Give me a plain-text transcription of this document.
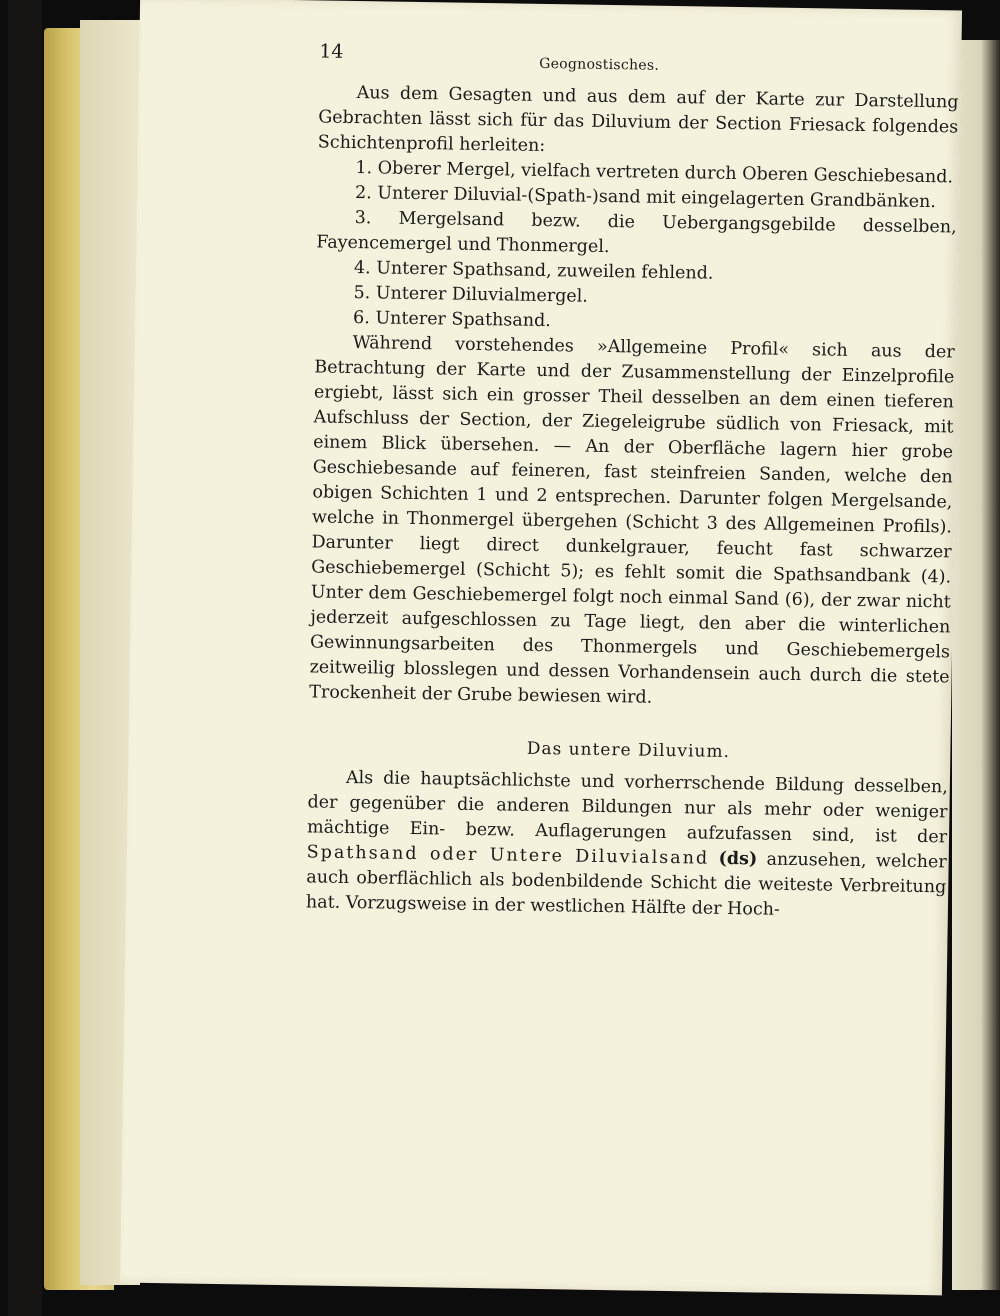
14
Geognostisches.

Aus dem Gesagten und aus dem auf der Karte zur Darstellung Gebrachten lässt sich für das Diluvium der Section Friesack folgendes Schichtenprofil herleiten:

1. Oberer Mergel, vielfach vertreten durch Oberen Geschiebesand.

2. Unterer Diluvial-(Spath-)sand mit eingelagerten Grandbänken.

3. Mergelsand bezw. die Uebergangsgebilde desselben, Fayencemergel und Thonmergel.

4. Unterer Spathsand, zuweilen fehlend.

5. Unterer Diluvialmergel.

6. Unterer Spathsand.

Während vorstehendes »Allgemeine Profil« sich aus der Betrachtung der Karte und der Zusammenstellung der Einzelprofile ergiebt, lässt sich ein grosser Theil desselben an dem einen tieferen Aufschluss der Section, der Ziegeleigrube südlich von Friesack, mit einem Blick übersehen. — An der Oberfläche lagern hier grobe Geschiebesande auf feineren, fast steinfreien Sanden, welche den obigen Schichten 1 und 2 entsprechen. Darunter folgen Mergelsande, welche in Thonmergel übergehen (Schicht 3 des Allgemeinen Profils). Darunter liegt direct dunkelgrauer, feucht fast schwarzer Geschiebemergel (Schicht 5); es fehlt somit die Spathsandbank (4). Unter dem Geschiebemergel folgt noch einmal Sand (6), der zwar nicht jederzeit aufgeschlossen zu Tage liegt, den aber die winterlichen Gewinnungsarbeiten des Thonmergels und Geschiebemergels zeitweilig blosslegen und dessen Vorhandensein auch durch die stete Trockenheit der Grube bewiesen wird.

Das untere Diluvium.

Als die hauptsächlichste und vorherrschende Bildung desselben, der gegenüber die anderen Bildungen nur als mehr oder weniger mächtige Ein- bezw. Auflagerungen aufzufassen sind, ist der Spathsand oder Untere Diluvialsand (ds) anzusehen, welcher auch oberflächlich als bodenbildende Schicht die weiteste Verbreitung hat. Vorzugsweise in der westlichen Hälfte der Hoch-
